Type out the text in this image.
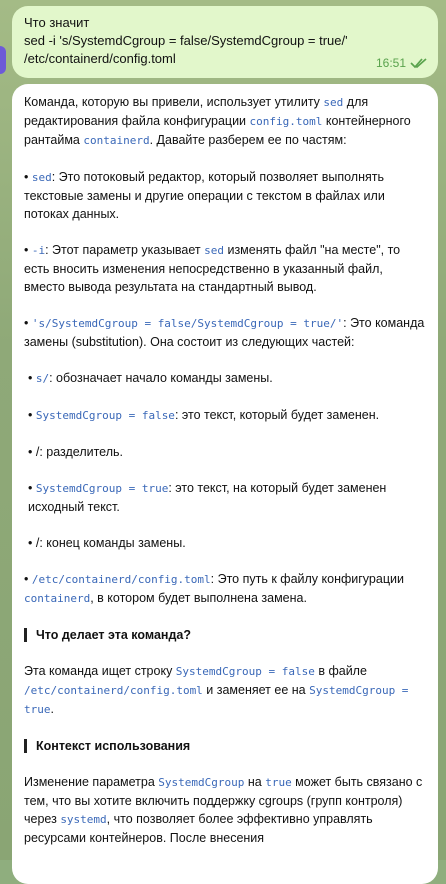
Что значит
sed -i 's/SystemdCgroup = false/SystemdCgroup = true/'
/etc/containerd/config.toml	16:51
Команда, которую вы привели, использует утилиту sed для редактирования файла конфигурации config.toml контейнерного рантайма containerd. Давайте разберем ее по частям:
• sed: Это потоковый редактор, который позволяет выполнять текстовые замены и другие операции с текстом в файлах или потоках данных.
• -i: Этот параметр указывает sed изменять файл "на месте", то есть вносить изменения непосредственно в указанный файл, вместо вывода результата на стандартный вывод.
• 's/SystemdCgroup = false/SystemdCgroup = true/': Это команда замены (substitution). Она состоит из следующих частей:
• s/: обозначает начало команды замены.
• SystemdCgroup = false: это текст, который будет заменен.
• /: разделитель.
• SystemdCgroup = true: это текст, на который будет заменен исходный текст.
• /: конец команды замены.
• /etc/containerd/config.toml: Это путь к файлу конфигурации containerd, в котором будет выполнена замена.
Что делает эта команда?
Эта команда ищет строку SystemdCgroup = false в файле /etc/containerd/config.toml и заменяет ее на SystemdCgroup = true.
Контекст использования
Изменение параметра SystemdCgroup на true может быть связано с тем, что вы хотите включить поддержку cgroups (групп контроля) через systemd, что позволяет более эффективно управлять ресурсами контейнеров. После внесения
